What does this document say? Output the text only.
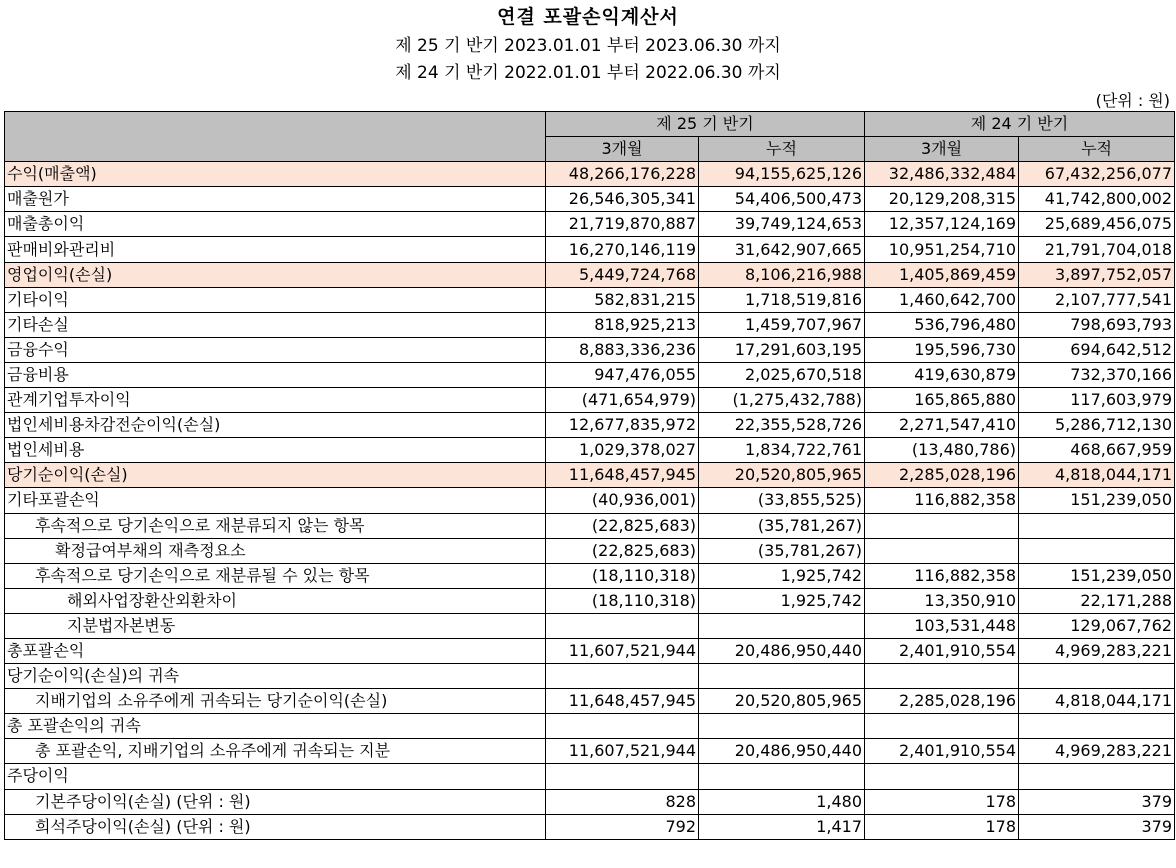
연결 포괄손익계산서
제 25 기 반기 2023.01.01 부터 2023.06.30 까지
제 24 기 반기 2022.01.01 부터 2022.06.30 까지
(단위 : 원)
	제 25 기 반기		제 24 기 반기	
	3개월	누적	3개월	누적
수익(매출액)	48,266,176,228	94,155,625,126	32,486,332,484	67,432,256,077
매출원가	26,546,305,341	54,406,500,473	20,129,208,315	41,742,800,002
매출총이익	21,719,870,887	39,749,124,653	12,357,124,169	25,689,456,075
판매비와관리비	16,270,146,119	31,642,907,665	10,951,254,710	21,791,704,018
영업이익(손실)	5,449,724,768	8,106,216,988	1,405,869,459	3,897,752,057
기타이익	582,831,215	1,718,519,816	1,460,642,700	2,107,777,541
기타손실	818,925,213	1,459,707,967	536,796,480	798,693,793
금융수익	8,883,336,236	17,291,603,195	195,596,730	694,642,512
금융비용	947,476,055	2,025,670,518	419,630,879	732,370,166
관계기업투자이익	(471,654,979)	(1,275,432,788)	165,865,880	117,603,979
법인세비용차감전순이익(손실)	12,677,835,972	22,355,528,726	2,271,547,410	5,286,712,130
법인세비용	1,029,378,027	1,834,722,761	(13,480,786)	468,667,959
당기순이익(손실)	11,648,457,945	20,520,805,965	2,285,028,196	4,818,044,171
기타포괄손익	(40,936,001)	(33,855,525)	116,882,358	151,239,050
후속적으로 당기손익으로 재분류되지 않는 항목	(22,825,683)	(35,781,267)		
확정급여부채의 재측정요소	(22,825,683)	(35,781,267)		
후속적으로 당기손익으로 재분류될 수 있는 항목	(18,110,318)	1,925,742	116,882,358	151,239,050
해외사업장환산외환차이	(18,110,318)	1,925,742	13,350,910	22,171,288
지분법자본변동			103,531,448	129,067,762
총포괄손익	11,607,521,944	20,486,950,440	2,401,910,554	4,969,283,221
당기순이익(손실)의 귀속				
지배기업의 소유주에게 귀속되는 당기순이익(손실)	11,648,457,945	20,520,805,965	2,285,028,196	4,818,044,171
총 포괄손익의 귀속				
총 포괄손익, 지배기업의 소유주에게 귀속되는 지분	11,607,521,944	20,486,950,440	2,401,910,554	4,969,283,221
주당이익				
기본주당이익(손실) (단위 : 원)	828	1,480	178	379
희석주당이익(손실) (단위 : 원)	792	1,417	178	379
